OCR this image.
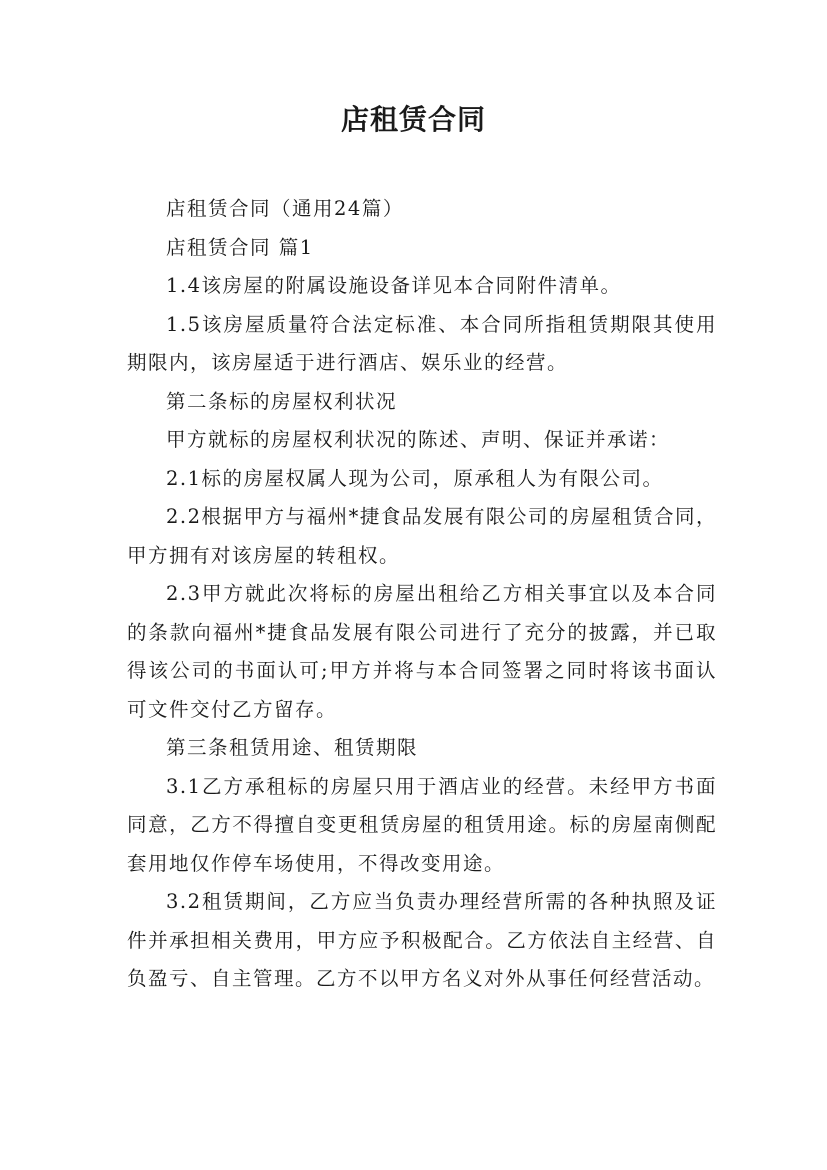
店租赁合同

店租赁合同（通用24篇）

店租赁合同 篇1

1.4该房屋的附属设施设备详见本合同附件清单。

1.5该房屋质量符合法定标准、本合同所指租赁期限其使用期限内，该房屋适于进行酒店、娱乐业的经营。

第二条标的房屋权利状况

甲方就标的房屋权利状况的陈述、声明、保证并承诺：

2.1标的房屋权属人现为公司，原承租人为有限公司。

2.2根据甲方与福州*捷食品发展有限公司的房屋租赁合同，甲方拥有对该房屋的转租权。

2.3甲方就此次将标的房屋出租给乙方相关事宜以及本合同的条款向福州*捷食品发展有限公司进行了充分的披露，并已取得该公司的书面认可;甲方并将与本合同签署之同时将该书面认可文件交付乙方留存。

第三条租赁用途、租赁期限

3.1乙方承租标的房屋只用于酒店业的经营。未经甲方书面同意，乙方不得擅自变更租赁房屋的租赁用途。标的房屋南侧配套用地仅作停车场使用，不得改变用途。

3.2租赁期间，乙方应当负责办理经营所需的各种执照及证件并承担相关费用，甲方应予积极配合。乙方依法自主经营、自负盈亏、自主管理。乙方不以甲方名义对外从事任何经营活动。
